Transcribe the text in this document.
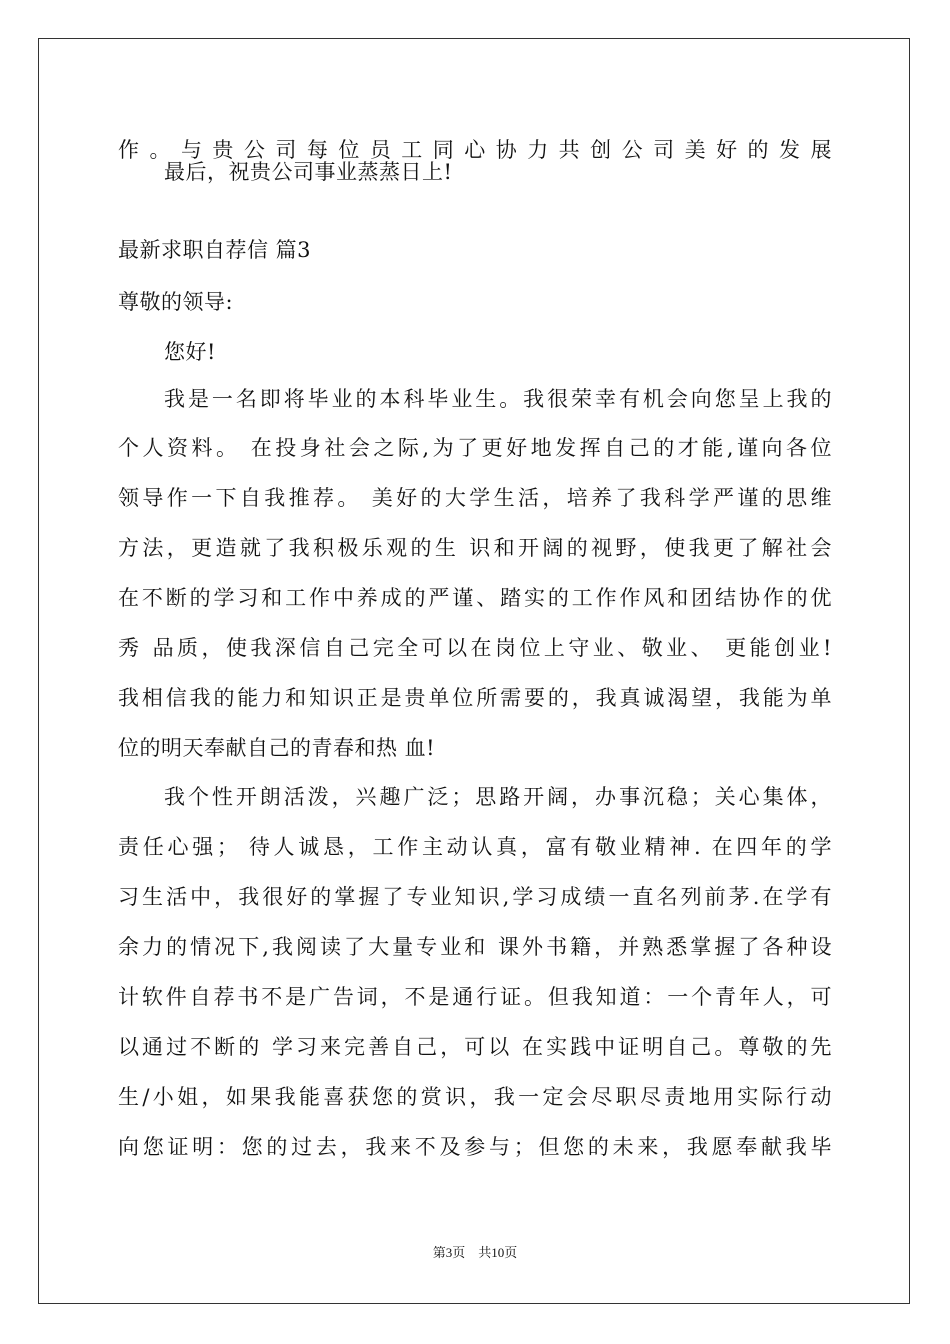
作。与贵公司每位员工同心协力共创公司美好的发展
最后，祝贵公司事业蒸蒸日上!
最新求职自荐信 篇3
尊敬的领导:
您好!
我是一名即将毕业的本科毕业生。我很荣幸有机会向您呈上我的
个人资料。 在投身社会之际,为了更好地发挥自己的才能,谨向各位
领导作一下自我推荐。 美好的大学生活，培养了我科学严谨的思维
方法，更造就了我积极乐观的生 识和开阔的视野，使我更了解社会
在不断的学习和工作中养成的严谨、踏实的工作作风和团结协作的优
秀 品质，使我深信自己完全可以在岗位上守业、敬业、 更能创业!
我相信我的能力和知识正是贵单位所需要的，我真诚渴望，我能为单
位的明天奉献自己的青春和热 血!
我个性开朗活泼，兴趣广泛；思路开阔，办事沉稳；关心集体，
责任心强； 待人诚恳，工作主动认真，富有敬业精神. 在四年的学
习生活中，我很好的掌握了专业知识,学习成绩一直名列前茅.在学有
余力的情况下,我阅读了大量专业和 课外书籍，并熟悉掌握了各种设
计软件自荐书不是广告词，不是通行证。但我知道：一个青年人，可
以通过不断的 学习来完善自己，可以 在实践中证明自己。尊敬的先
生/小姐，如果我能喜获您的赏识，我一定会尽职尽责地用实际行动
向您证明：您的过去，我来不及参与；但您的未来，我愿奉献我毕
第3页　共10页
